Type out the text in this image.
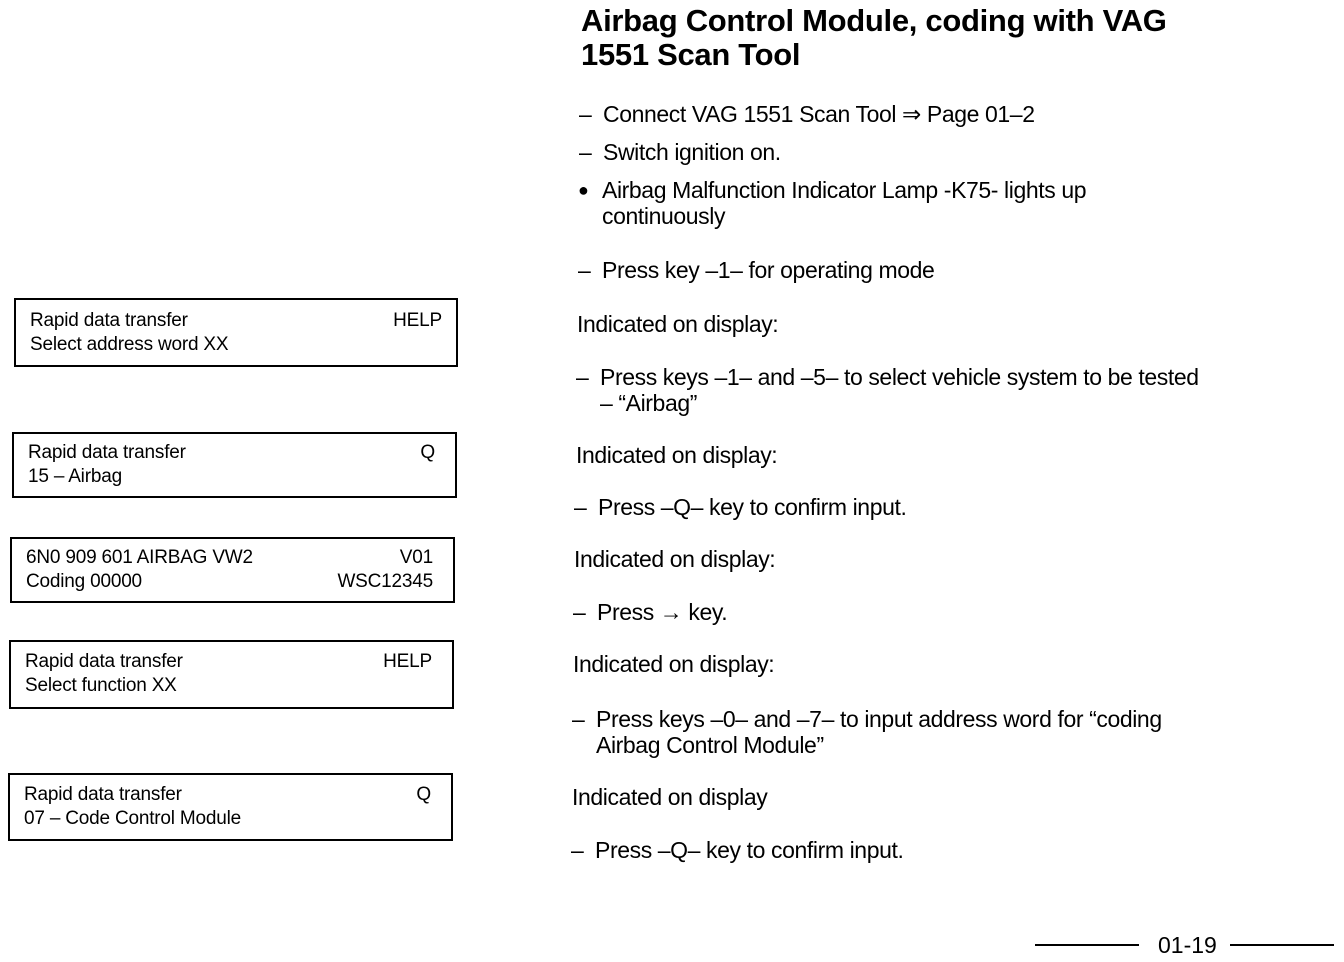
Airbag Control Module, coding with VAG
1551 Scan Tool
– Connect VAG 1551 Scan Tool ⇒ Page 01–2
– Switch ignition on.
● Airbag Malfunction Indicator Lamp -K75- lights up
continuously
– Press key –1– for operating mode
Indicated on display:
– Press keys –1– and –5– to select vehicle system to be tested
– “Airbag”
Indicated on display:
– Press –Q– key to confirm input.
Indicated on display:
– Press → key.
Indicated on display:
– Press keys –0– and –7– to input address word for “coding
Airbag Control Module”
Indicated on display
– Press –Q– key to confirm input.
Rapid data transfer	HELP
Select address word XX
Rapid data transfer	Q
15 – Airbag
6N0 909 601 AIRBAG VW2	V01
Coding 00000	WSC12345
Rapid data transfer	HELP
Select function XX
Rapid data transfer	Q
07 – Code Control Module
01-19
